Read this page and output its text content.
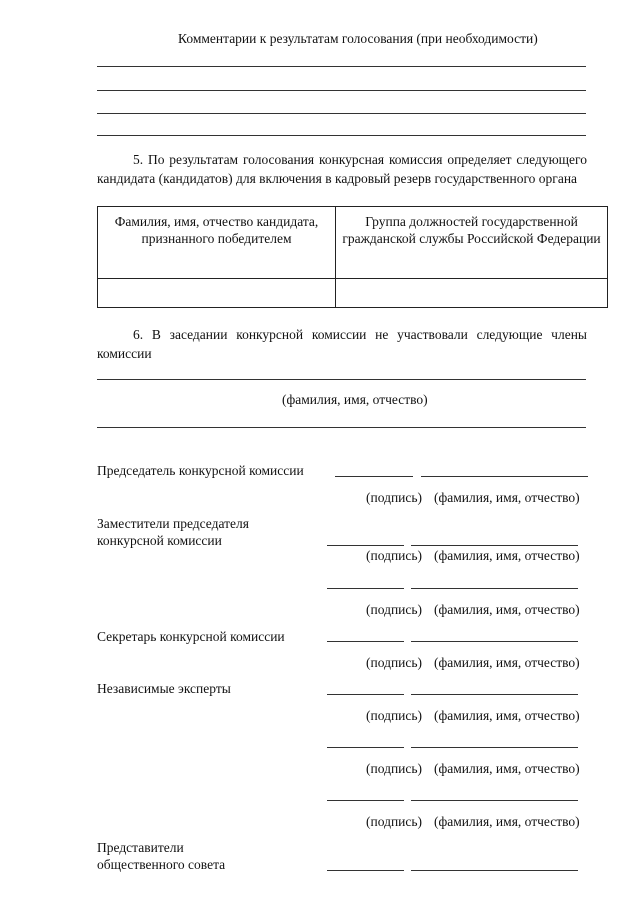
Комментарии к результатам голосования (при необходимости)
5. По результатам голосования конкурсная комиссия определяет следующего
кандидата (кандидатов) для включения в кадровый резерв государственного органа
Фамилия, имя, отчество кандидата, признанного победителем	Группа должностей государственной гражданской службы Российской Федерации

6. В заседании конкурсной комиссии не участвовали следующие члены
комиссии
(фамилия, имя, отчество)
Председатель конкурсной комиссии
(подпись) (фамилия, имя, отчество)
Заместители председателя
конкурсной комиссии
(подпись) (фамилия, имя, отчество)
(подпись) (фамилия, имя, отчество)
Секретарь конкурсной комиссии
(подпись) (фамилия, имя, отчество)
Независимые эксперты
(подпись) (фамилия, имя, отчество)
(подпись) (фамилия, имя, отчество)
(подпись) (фамилия, имя, отчество)
Представители
общественного совета
